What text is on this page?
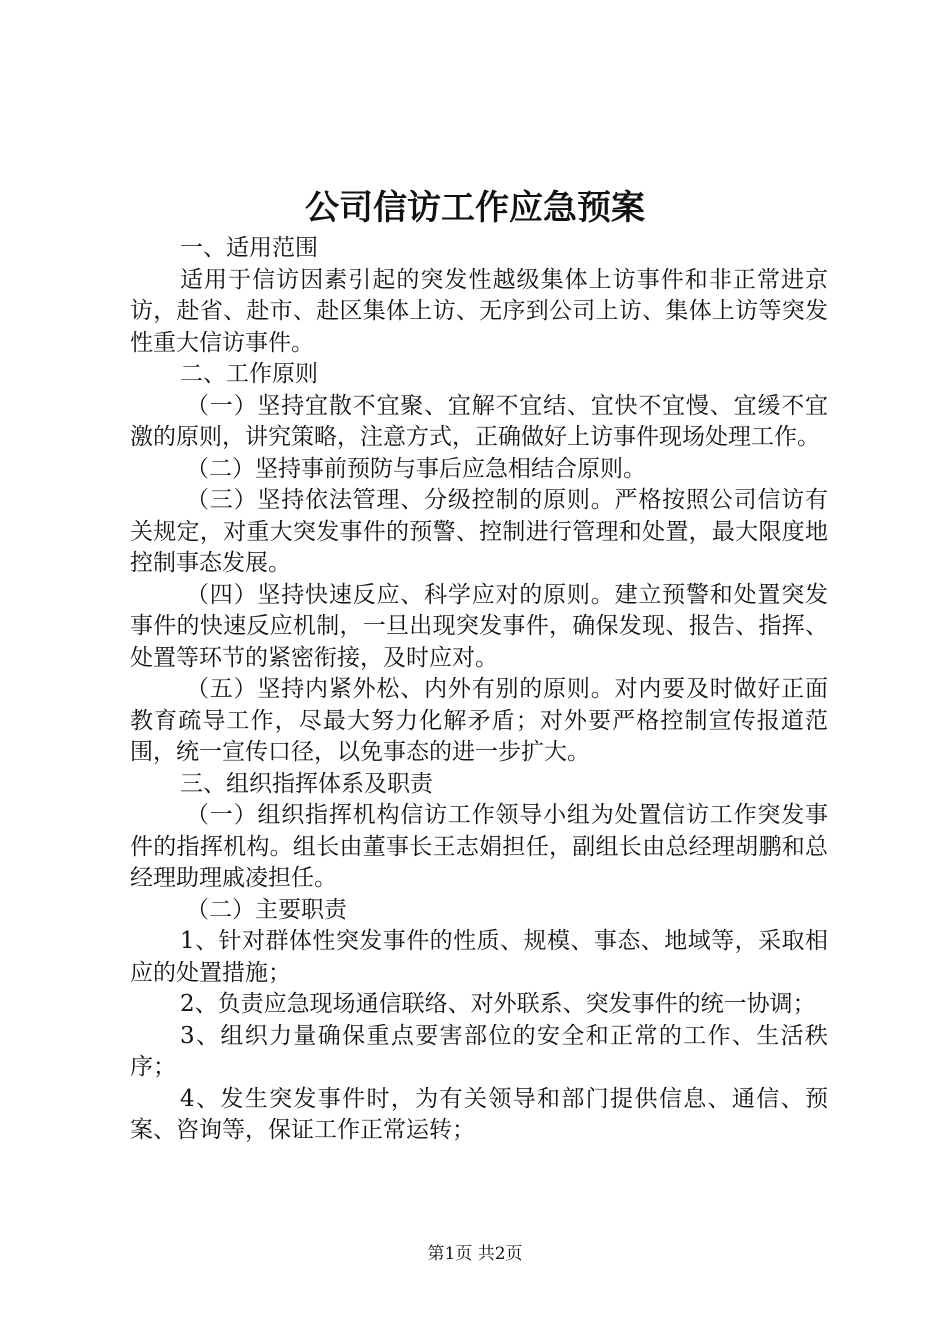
公司信访工作应急预案

一、适用范围

适用于信访因素引起的突发性越级集体上访事件和非正常进京访，赴省、赴市、赴区集体上访、无序到公司上访、集体上访等突发性重大信访事件。

二、工作原则

（一）坚持宜散不宜聚、宜解不宜结、宜快不宜慢、宜缓不宜激的原则，讲究策略，注意方式，正确做好上访事件现场处理工作。

（二）坚持事前预防与事后应急相结合原则。

（三）坚持依法管理、分级控制的原则。严格按照公司信访有关规定，对重大突发事件的预警、控制进行管理和处置，最大限度地控制事态发展。

（四）坚持快速反应、科学应对的原则。建立预警和处置突发事件的快速反应机制，一旦出现突发事件，确保发现、报告、指挥、处置等环节的紧密衔接，及时应对。

（五）坚持内紧外松、内外有别的原则。对内要及时做好正面教育疏导工作，尽最大努力化解矛盾；对外要严格控制宣传报道范围，统一宣传口径，以免事态的进一步扩大。

三、组织指挥体系及职责

（一）组织指挥机构信访工作领导小组为处置信访工作突发事件的指挥机构。组长由董事长王志娟担任，副组长由总经理胡鹏和总经理助理戚凌担任。

（二）主要职责

1、针对群体性突发事件的性质、规模、事态、地域等，采取相应的处置措施；

2、负责应急现场通信联络、对外联系、突发事件的统一协调；

3、组织力量确保重点要害部位的安全和正常的工作、生活秩序；

4、发生突发事件时，为有关领导和部门提供信息、通信、预案、咨询等，保证工作正常运转；

第1页 共2页
